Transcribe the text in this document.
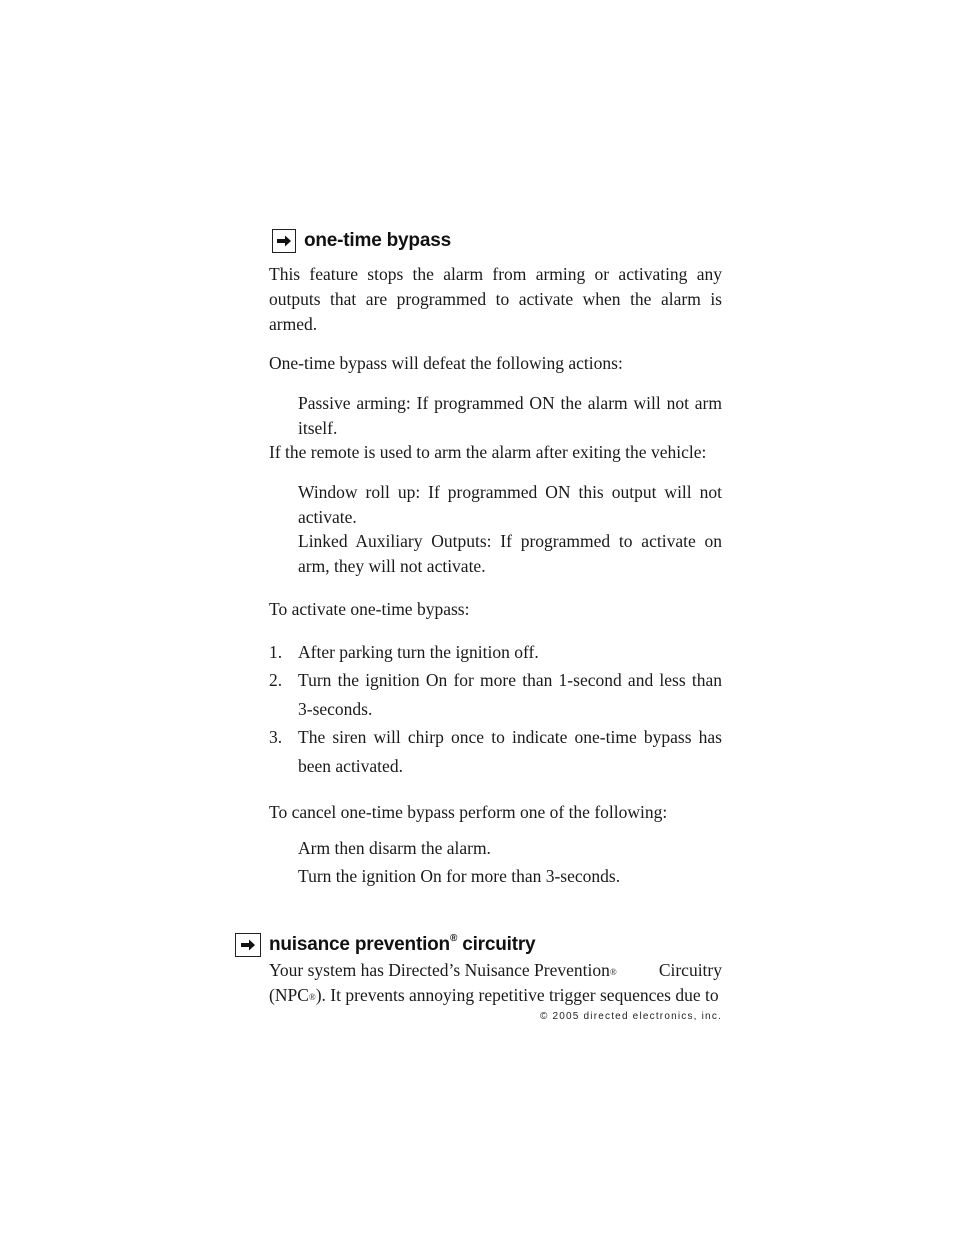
one-time bypass
This feature stops the alarm from arming or activating any outputs that are programmed to activate when the alarm is armed.
One-time bypass will defeat the following actions:
Passive arming: If programmed ON the alarm will not arm itself.
If the remote is used to arm the alarm after exiting the vehicle:
Window roll up: If programmed ON this output will not activate.
Linked Auxiliary Outputs: If programmed to activate on arm, they will not activate.
To activate one-time bypass:
1. After parking turn the ignition off.
2. Turn the ignition On for more than 1-second and less than 3-seconds.
3. The siren will chirp once to indicate one-time bypass has been activated.
To cancel one-time bypass perform one of the following:
Arm then disarm the alarm.
Turn the ignition On for more than 3-seconds.
nuisance prevention® circuitry
Your system has Directed’s Nuisance Prevention® Circuitry
(NPC®). It prevents annoying repetitive trigger sequences due to
© 2005 directed electronics, inc.
